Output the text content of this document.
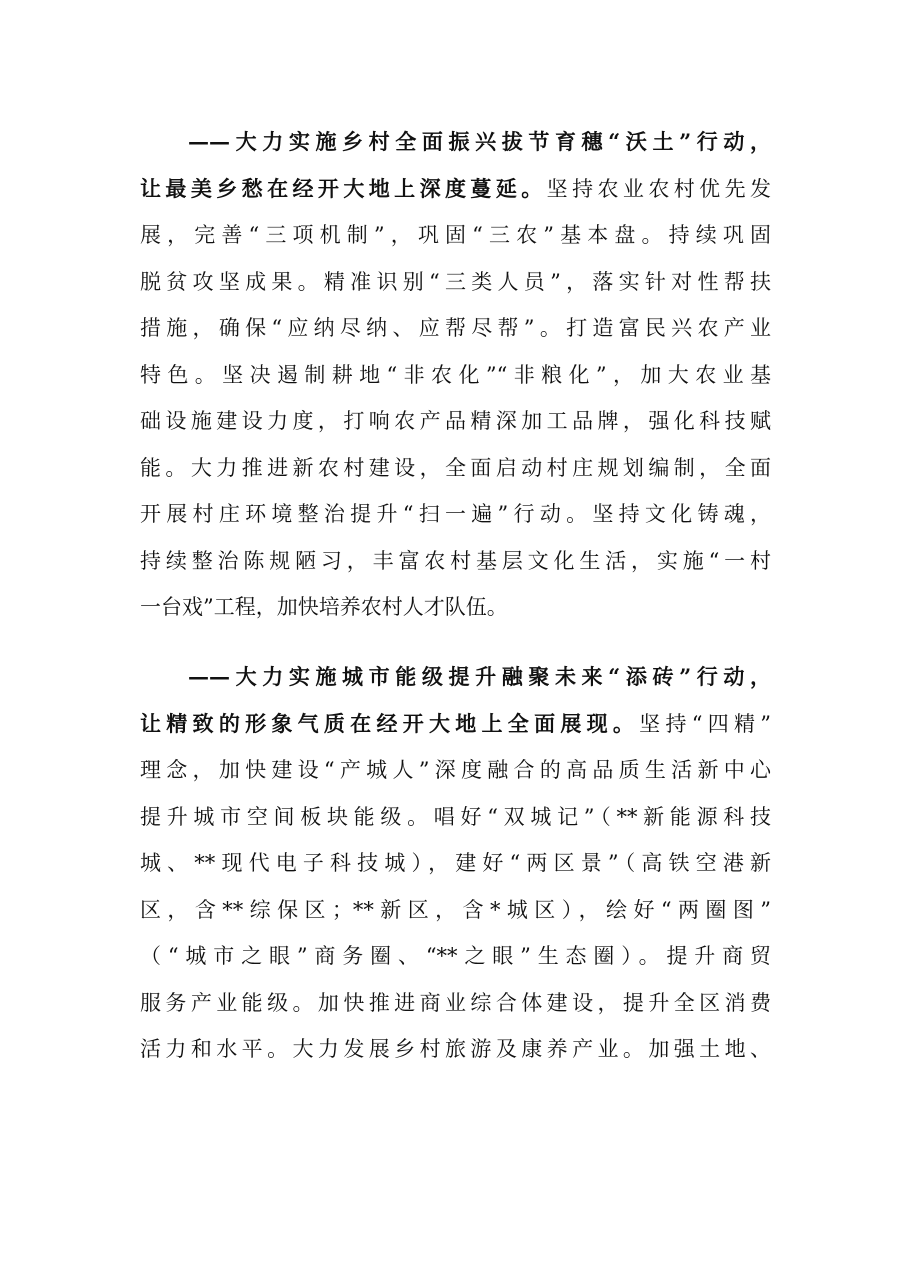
——大力实施乡村全面振兴拔节育穗“沃土”行动，
让最美乡愁在经开大地上深度蔓延。坚持农业农村优先发
展，完善“三项机制”，巩固“三农”基本盘。持续巩固
脱贫攻坚成果。精准识别“三类人员”，落实针对性帮扶
措施，确保“应纳尽纳、应帮尽帮”。打造富民兴农产业
特色。坚决遏制耕地“非农化”“非粮化”，加大农业基
础设施建设力度，打响农产品精深加工品牌，强化科技赋
能。大力推进新农村建设，全面启动村庄规划编制，全面
开展村庄环境整治提升“扫一遍”行动。坚持文化铸魂，
持续整治陈规陋习，丰富农村基层文化生活，实施“一村
一台戏”工程，加快培养农村人才队伍。
——大力实施城市能级提升融聚未来“添砖”行动，
让精致的形象气质在经开大地上全面展现。坚持“四精”
理念，加快建设“产城人”深度融合的高品质生活新中心
提升城市空间板块能级。唱好“双城记”（**新能源科技
城、**现代电子科技城），建好“两区景”（高铁空港新
区，含**综保区；**新区，含*城区），绘好“两圈图”
（“城市之眼”商务圈、“**之眼”生态圈）。提升商贸
服务产业能级。加快推进商业综合体建设，提升全区消费
活力和水平。大力发展乡村旅游及康养产业。加强土地、
